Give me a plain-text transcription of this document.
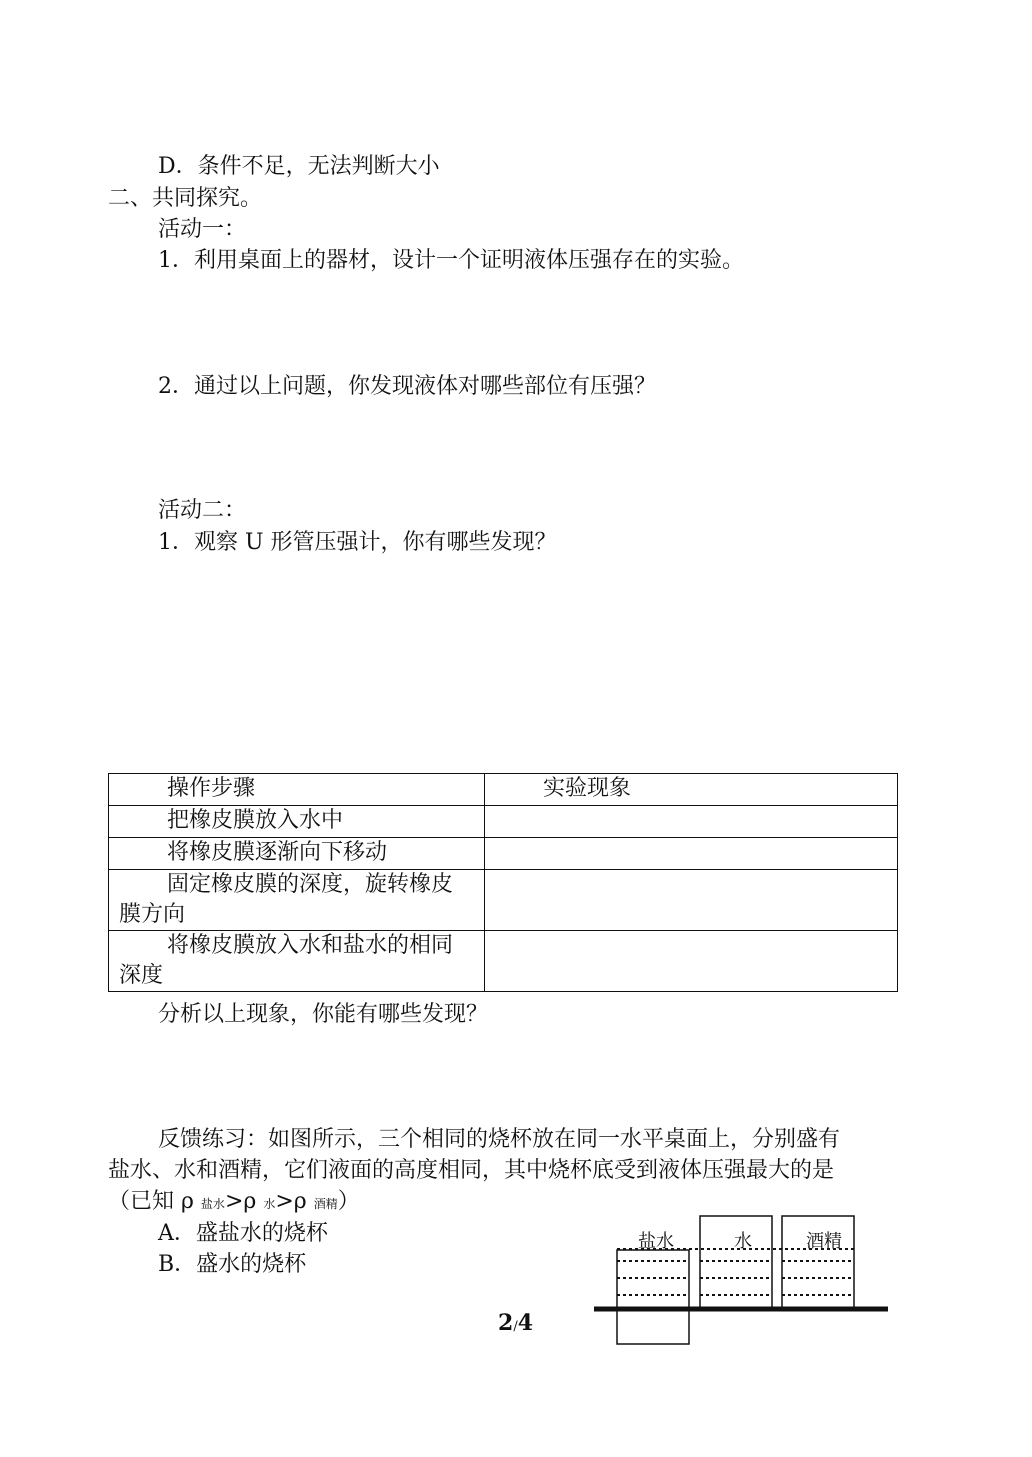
D．条件不足，无法判断大小
二、共同探究。
活动一：
1．利用桌面上的器材，设计一个证明液体压强存在的实验。
2．通过以上问题，你发现液体对哪些部位有压强？
活动二：
1．观察 U 形管压强计，你有哪些发现？
操作步骤	实验现象
把橡皮膜放入水中	
将橡皮膜逐渐向下移动	
固定橡皮膜的深度，旋转橡皮膜方向	
将橡皮膜放入水和盐水的相同深度	
分析以上现象，你能有哪些发现？
反馈练习：如图所示，三个相同的烧杯放在同一水平桌面上，分别盛有
盐水、水和酒精，它们液面的高度相同，其中烧杯底受到液体压强最大的是
（已知 ρ 盐水>ρ 水>ρ 酒精）
A．盛盐水的烧杯
B．盛水的烧杯
盐水	水	酒精
2/4
